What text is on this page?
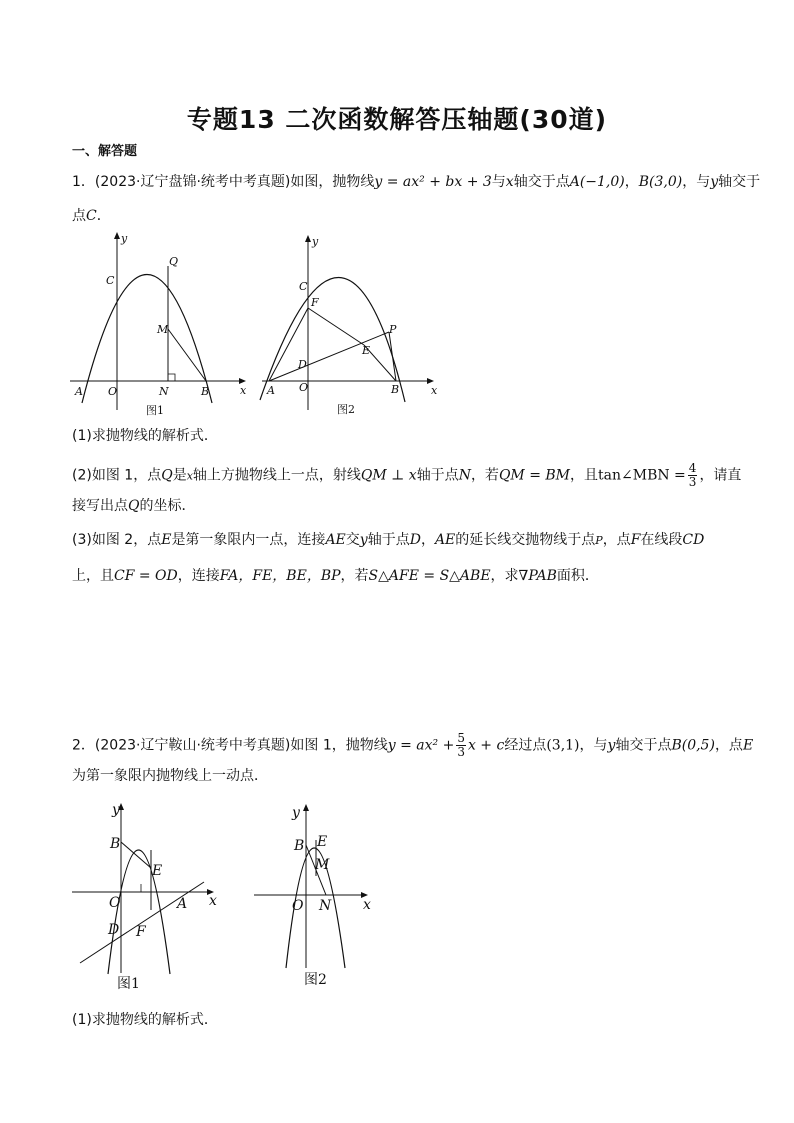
专题13 二次函数解答压轴题(30道)
一、解答题
1．(2023·辽宁盘锦·统考中考真题)如图，抛物线y = ax² + bx + 3与x轴交于点A(−1,0)，B(3,0)，与y轴交于
点C．
C
Q
M
A O	N	B	x
y
图1
C
F
P
E
D
A O	B	x
y
图2
(1)求抛物线的解析式．
(2)如图 1，点Q是x轴上方抛物线上一点，射线QM ⊥ x轴于点N，若QM = BM，且tan∠MBN = $\frac{4}{3}$ ，请直
接写出点Q的坐标．
(3)如图 2，点E是第一象限内一点，连接AE交y轴于点D，AE的延长线交抛物线于点P，点F在线段CD
上，且CF = OD，连接FA，FE，BE，BP，若S△AFE = S△ABE，求∇PAB面积．
2．(2023·辽宁鞍山·统考中考真题)如图 1，抛物线$y = ax^2 + \frac{5}{3}$ x + c经过点(3,1)，与y轴交于点B(0,5)，点E
为第一象限内抛物线上一动点．
B
E
O	A
D F
x
y
图1
B E
M
O N x
y
图2
(1)求抛物线的解析式．
